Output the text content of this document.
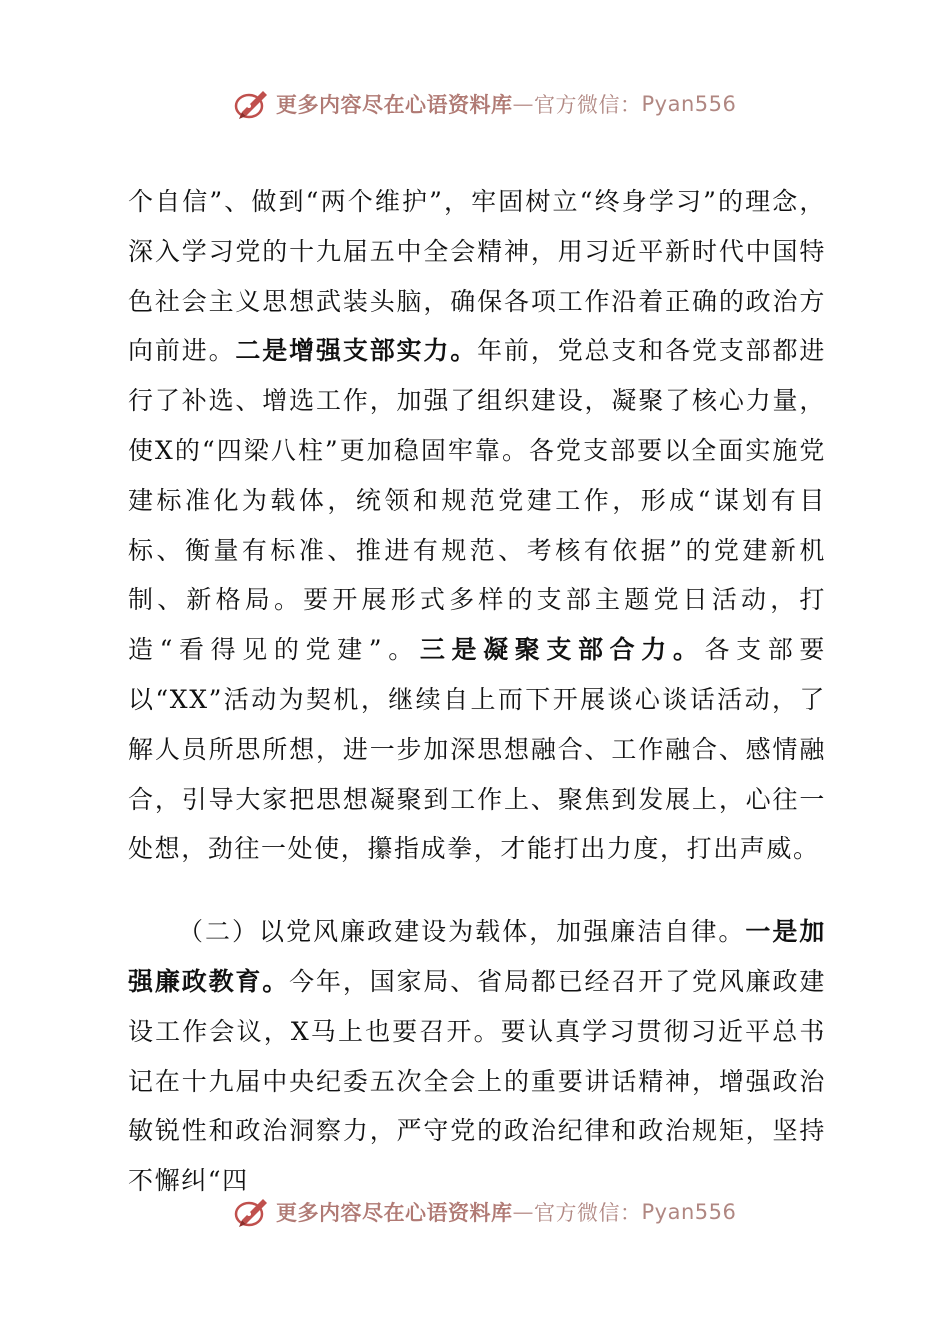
更多内容尽在心语资料库 — 官方微信： Pyan556

个自信”、做到“两个维护”，牢固树立“终身学习”的理念，深入学习党的十九届五中全会精神，用习近平新时代中国特色社会主义思想武装头脑，确保各项工作沿着正确的政治方向前进。二是增强支部实力。年前，党总支和各党支部都进行了补选、增选工作，加强了组织建设，凝聚了核心力量，使X的“四梁八柱”更加稳固牢靠。各党支部要以全面实施党建标准化为载体，统领和规范党建工作，形成“谋划有目标、衡量有标准、推进有规范、考核有依据”的党建新机制、新格局。要开展形式多样的支部主题党日活动，打造“看得见的党建”。三是凝聚支部合力。各支部要以“XX”活动为契机，继续自上而下开展谈心谈话活动，了解人员所思所想，进一步加深思想融合、工作融合、感情融合，引导大家把思想凝聚到工作上、聚焦到发展上，心往一处想，劲往一处使，攥指成拳，才能打出力度，打出声威。

（二）以党风廉政建设为载体，加强廉洁自律。一是加强廉政教育。今年，国家局、省局都已经召开了党风廉政建设工作会议，X马上也要召开。要认真学习贯彻习近平总书记在十九届中央纪委五次全会上的重要讲话精神，增强政治敏锐性和政治洞察力，严守党的政治纪律和政治规矩，坚持不懈纠“四

更多内容尽在心语资料库 — 官方微信： Pyan556
